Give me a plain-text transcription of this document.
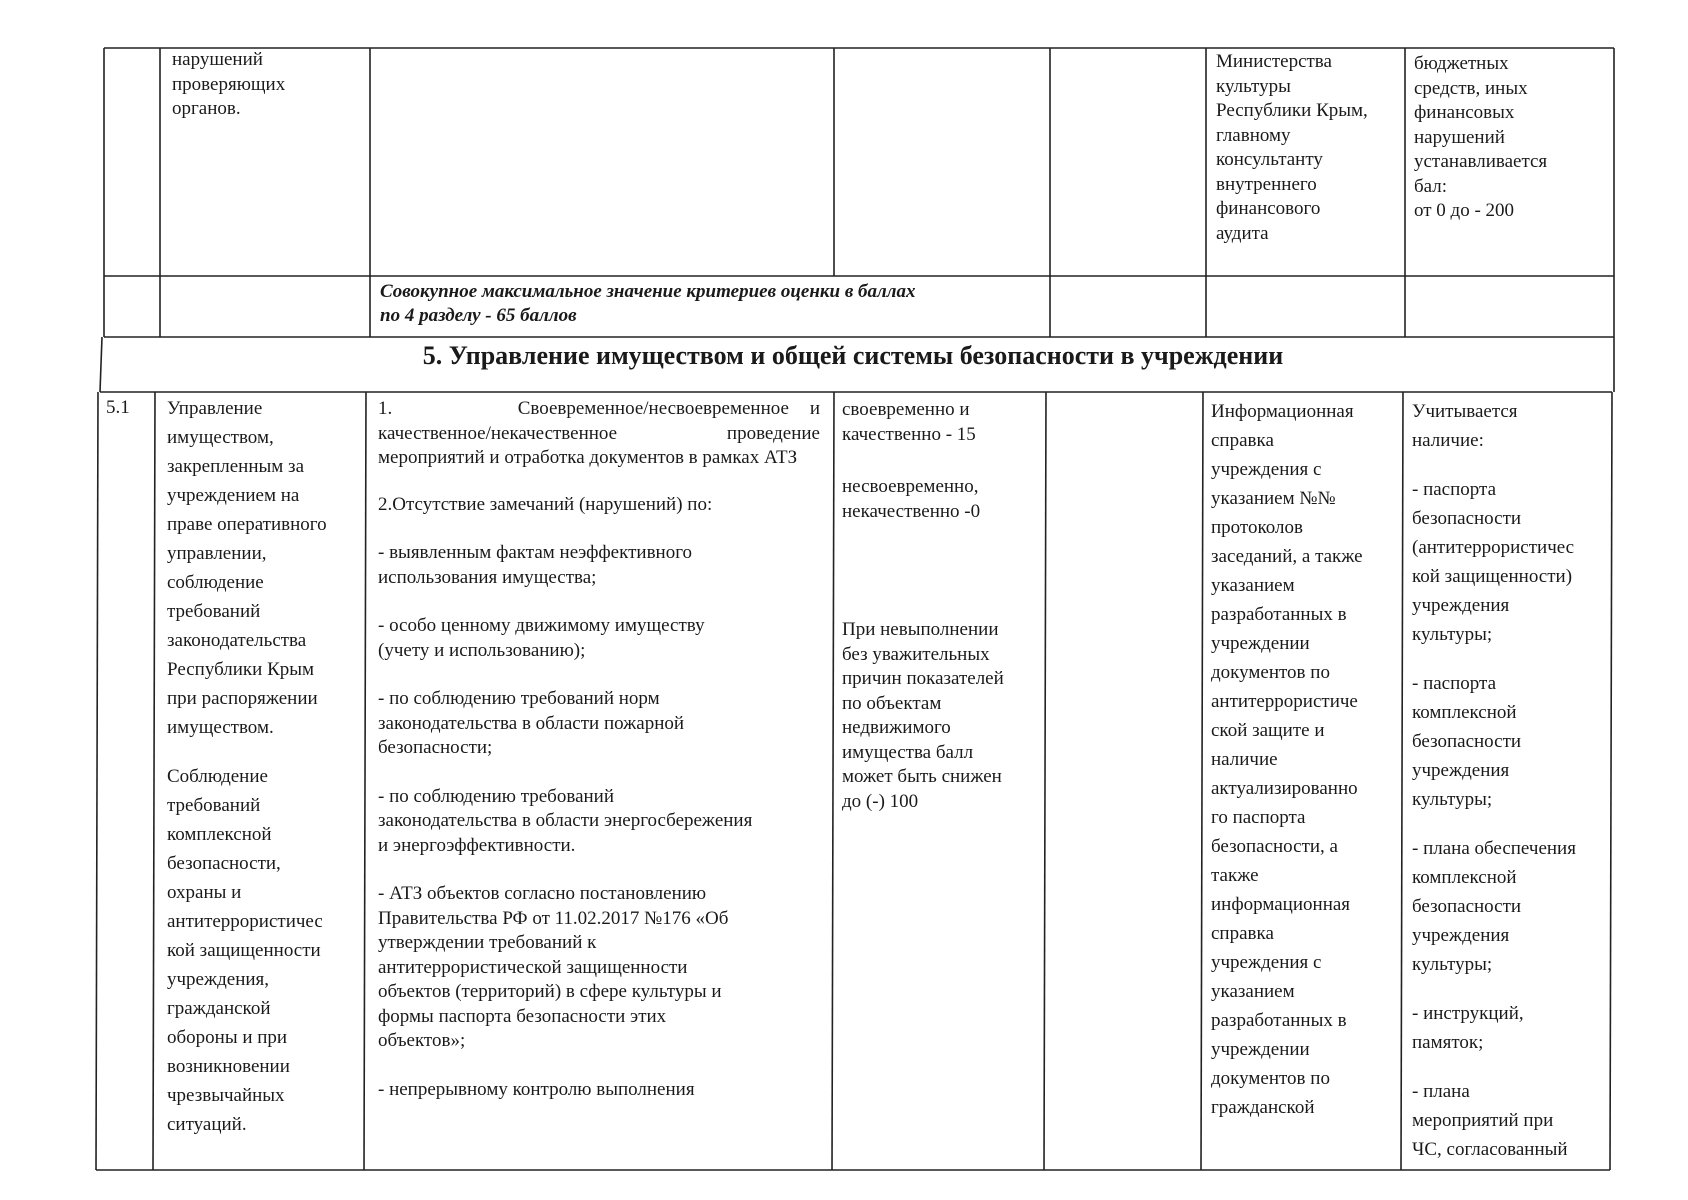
нарушений

проверяющих

органов.

Министерства

культуры

Республики Крым,

главному

консультанту

внутреннего

финансового

аудита

бюджетных

средств, иных

финансовых

нарушений

устанавливается

бал:

от 0 до - 200

Совокупное максимальное значение критериев оценки в баллах

по 4 разделу - 65 баллов

5. Управление имуществом и общей системы безопасности в учреждении
5.1	Управление

имуществом,

закрепленным за

учреждением на

праве оперативного

управлении,

соблюдение

требований

законодательства

Республики Крым

при распоряжении

имуществом.

Соблюдение

требований

комплексной

безопасности,

охраны и

антитеррористичес

кой защищенности

учреждения,

гражданской

обороны и при

возникновении

чрезвычайных

ситуаций.

1.      Своевременное/несвоевременное и качественное/некачественное проведение мероприятий и отработка документов в рамках АТЗ

2.Отсутствие замечаний (нарушений) по:

- выявленным фактам неэффективного

использования имущества;

- особо ценному движимому имуществу

(учету и использованию);

- по соблюдению требований норм

законодательства в области пожарной

безопасности;

- по соблюдению требований

законодательства в области энергосбережения

и энергоэффективности.

- АТЗ объектов согласно постановлению

Правительства РФ от 11.02.2017 №176 «Об

утверждении требований к

антитеррористической защищенности

объектов (территорий) в сфере культуры и

формы паспорта безопасности этих

объектов»;

- непрерывному контролю выполнения

своевременно и

качественно - 15

несвоевременно,

некачественно -0

При невыполнении

без уважительных

причин показателей

по объектам

недвижимого

имущества балл

может быть снижен

до (-) 100

Информационная

справка

учреждения с

указанием №№

протоколов

заседаний, а также

указанием

разработанных в

учреждении

документов по

антитеррористиче

ской защите и

наличие

актуализированно

го паспорта

безопасности, а

также

информационная

справка

учреждения с

указанием

разработанных в

учреждении

документов по

гражданской

Учитывается

наличие:

- паспорта

безопасности

(антитеррористичес

кой защищенности)

учреждения

культуры;

- паспорта

комплексной

безопасности

учреждения

культуры;

- плана обеспечения

комплексной

безопасности

учреждения

культуры;

- инструкций,

памяток;

- плана

мероприятий при

ЧС, согласованный
